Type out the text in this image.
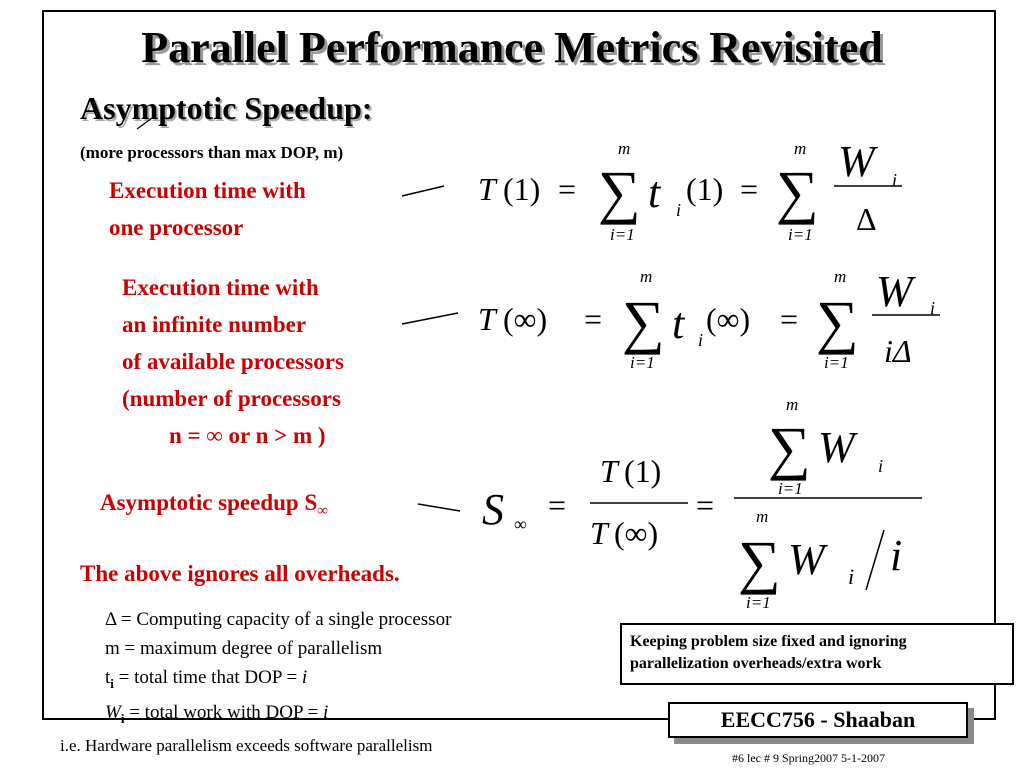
Parallel Performance Metrics Revisited
Asymptotic Speedup:
(more processors than max DOP, m)
Execution time with
one processor
Execution time with
an infinite number
of available processors
(number of processors
n = ∞ or n > m )
Asymptotic speedup $S_\infty$
The above ignores all overheads.
T (1) =
m
∑
i=1
t i
(1) =
m
∑
i=1
W i
Δ
T (∞) =
m
∑
i=1
t i
(∞) =
m
∑
i=1
W i
iΔ
S ∞
=
T (1)
T (∞)
=
m
∑
i=1
W i
m
∑
i=1
W i i
Δ = Computing capacity of a single processor
m = maximum degree of parallelism
$t_i$ = total time that DOP = i
$W_i$ = total work with DOP = i
Keeping problem size fixed and ignoring parallelization overheads/extra work
EECC756 - Shaaban
i.e. Hardware parallelism exceeds software parallelism
#6 lec # 9 Spring2007 5-1-2007
